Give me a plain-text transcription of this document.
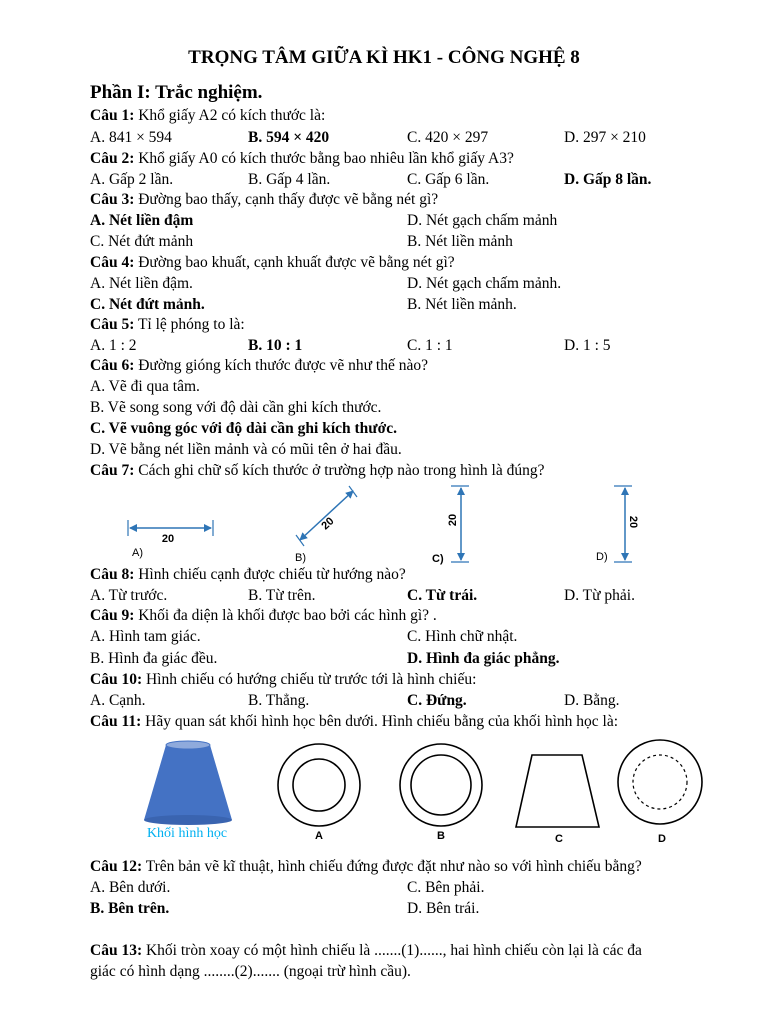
TRỌNG TÂM GIỮA KÌ HK1 - CÔNG NGHỆ 8
Phần I: Trắc nghiệm.
Câu 1: Khổ giấy A2 có kích thước là:
A. 841 × 594	B. 594 × 420	C. 420 × 297	D. 297 × 210
Câu 2: Khổ giấy A0 có kích thước bằng bao nhiêu lần khổ giấy A3?
A. Gấp 2 lần.	B. Gấp 4 lần.	C. Gấp 6 lần.	D. Gấp 8 lần.
Câu 3: Đường bao thấy, cạnh thấy được vẽ bằng nét gì?
A. Nét liền đậm	D. Nét gạch chấm mảnh
C. Nét đứt mảnh	B. Nét liền mảnh
Câu 4: Đường bao khuất, cạnh khuất được vẽ bằng nét gì?
A. Nét liền đậm.	D. Nét gạch chấm mảnh.
C. Nét đứt mảnh.	B. Nét liền mảnh.
Câu 5: Tỉ lệ phóng to là:
A. 1 : 2	B. 10 : 1	C. 1 : 1	D. 1 : 5
Câu 6: Đường gióng kích thước được vẽ như thế nào?
A. Vẽ đi qua tâm.
B. Vẽ song song với độ dài cần ghi kích thước.
C. Vẽ vuông góc với độ dài cần ghi kích thước.
D. Vẽ bằng nét liền mảnh và có mũi tên ở hai đầu.
Câu 7: Cách ghi chữ số kích thước ở trường hợp nào trong hình là đúng?
20
A)
20
B)
20
C)
20
D)
Câu 8: Hình chiếu cạnh được chiếu từ hướng nào?
A. Từ trước.	B. Từ trên.	C. Từ trái.	D. Từ phải.
Câu 9: Khối đa diện là khối được bao bởi các hình gì? .
A. Hình tam giác.	C. Hình chữ nhật.
B. Hình đa giác đều.	D. Hình đa giác phẳng.
Câu 10: Hình chiếu có hướng chiếu từ trước tới là hình chiếu:
A. Cạnh.	B. Thẳng.	C. Đứng.	D. Bằng.
Câu 11: Hãy quan sát khối hình học bên dưới. Hình chiếu bằng của khối hình học là:
Khối hình học	A	B	C	D
Câu 12: Trên bản vẽ kĩ thuật, hình chiếu đứng được đặt như nào so với hình chiếu bằng?
A. Bên dưới.	C. Bên phải.
B. Bên trên.	D. Bên trái.
Câu 13: Khối tròn xoay có một hình chiếu là .......(1)......, hai hình chiếu còn lại là các đa
giác có hình dạng ........(2)....... (ngoại trừ hình cầu).
